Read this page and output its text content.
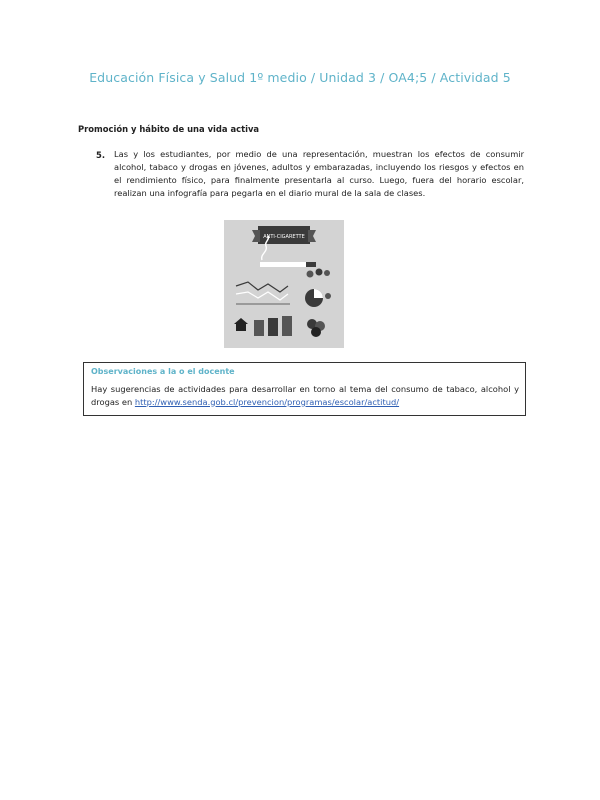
Educación Física y Salud 1º medio / Unidad 3 / OA4;5 / Actividad 5
Promoción y hábito de una vida activa
5. Las y los estudiantes, por medio de una representación, muestran los efectos de consumir alcohol, tabaco y drogas en jóvenes, adultos y embarazadas, incluyendo los riesgos y efectos en el rendimiento físico, para finalmente presentarla al curso. Luego, fuera del horario escolar, realizan una infografía para pegarla en el diario mural de la sala de clases.
ANTI-CIGARETTE
Observaciones a la o el docente
Hay sugerencias de actividades para desarrollar en torno al tema del consumo de tabaco, alcohol y drogas en http://www.senda.gob.cl/prevencion/programas/escolar/actitud/
